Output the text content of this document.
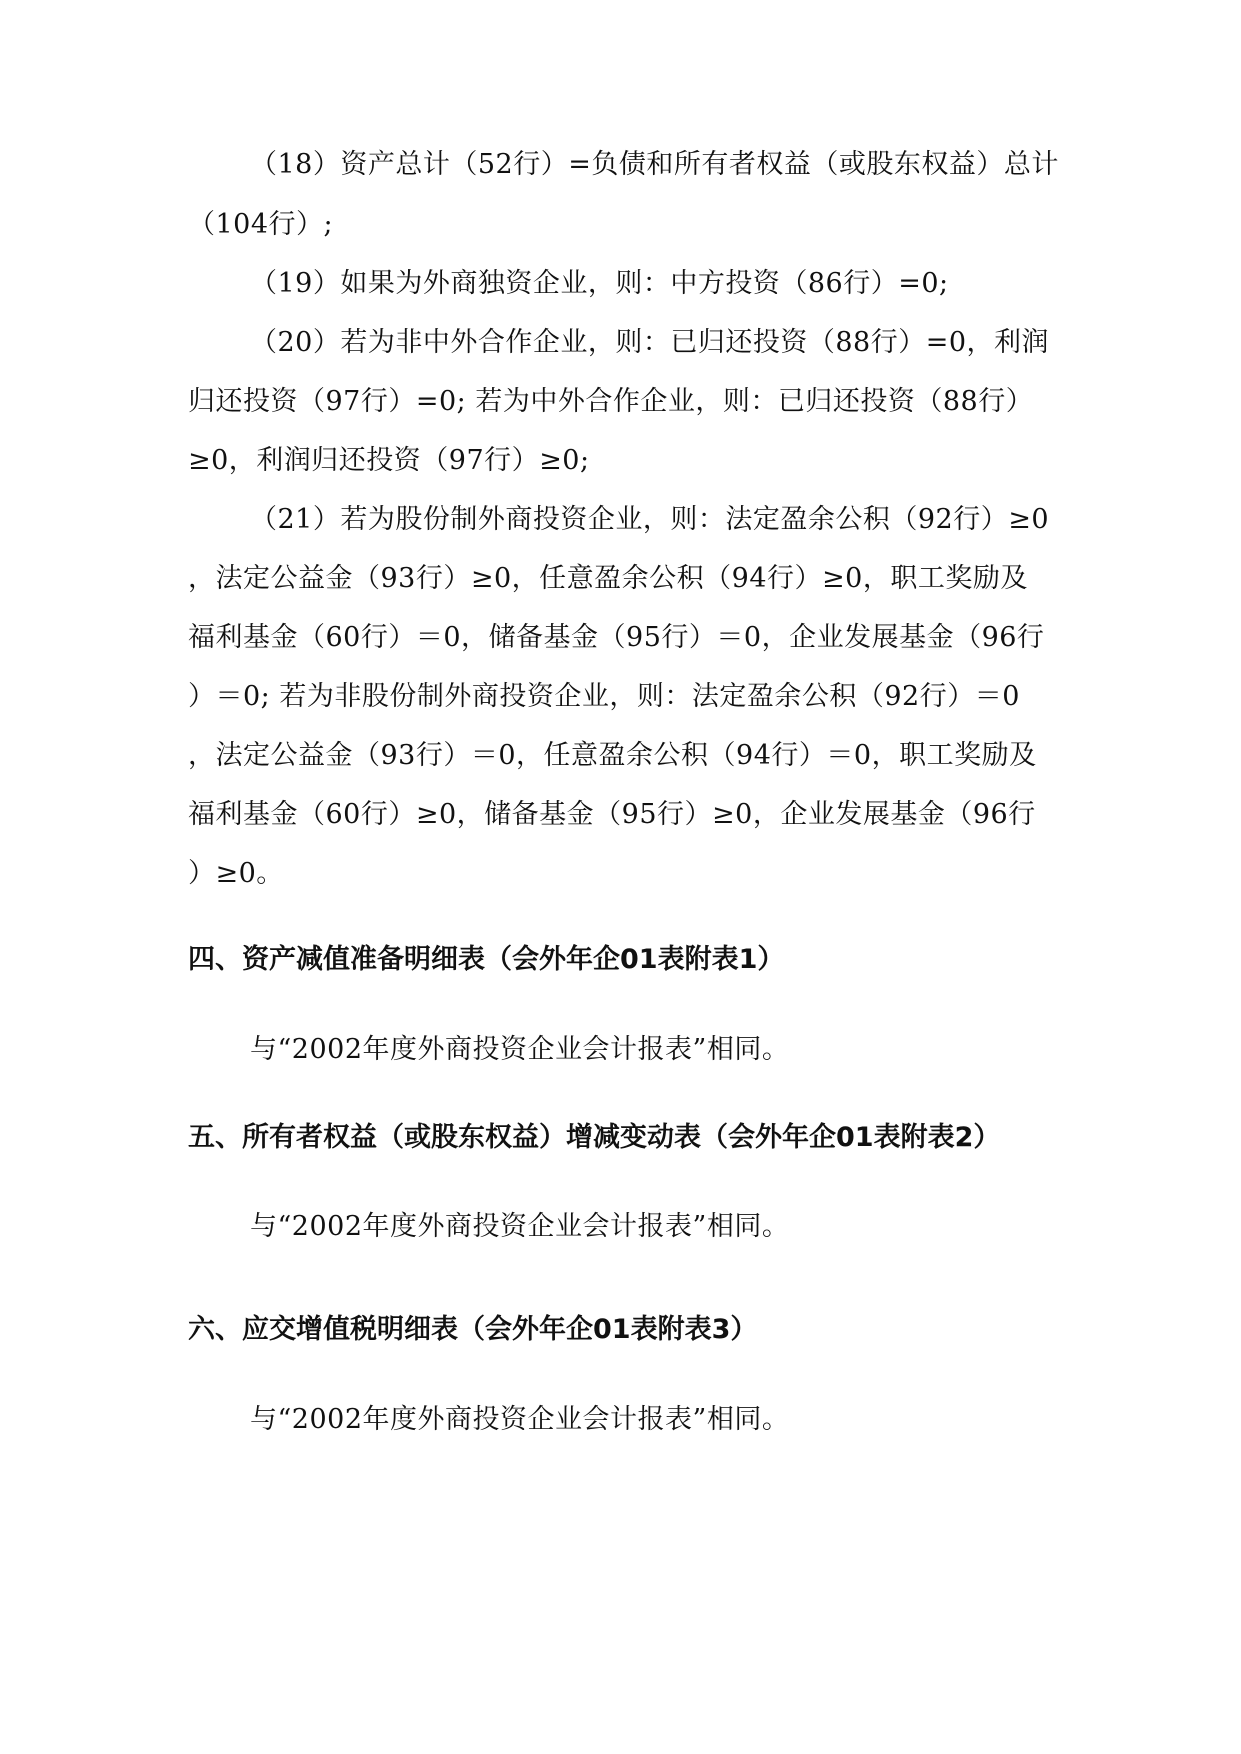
（18）资产总计（52行）=负债和所有者权益（或股东权益）总计
（104行）;
（19）如果为外商独资企业，则：中方投资（86行）=0;
（20）若为非中外合作企业，则：已归还投资（88行）=0，利润
归还投资（97行）=0; 若为中外合作企业，则：已归还投资（88行）
≥0，利润归还投资（97行）≥0;
（21）若为股份制外商投资企业，则：法定盈余公积（92行）≥0
，法定公益金（93行）≥0，任意盈余公积（94行）≥0，职工奖励及
福利基金（60行）＝0，储备基金（95行）＝0，企业发展基金（96行
）＝0; 若为非股份制外商投资企业，则：法定盈余公积（92行）＝0
，法定公益金（93行）＝0，任意盈余公积（94行）＝0，职工奖励及
福利基金（60行）≥0，储备基金（95行）≥0，企业发展基金（96行
）≥0。
四、资产减值准备明细表（会外年企01表附表1）
与“2002年度外商投资企业会计报表”相同。
五、所有者权益（或股东权益）增减变动表（会外年企01表附表2）
与“2002年度外商投资企业会计报表”相同。
六、应交增值税明细表（会外年企01表附表3）
与“2002年度外商投资企业会计报表”相同。
